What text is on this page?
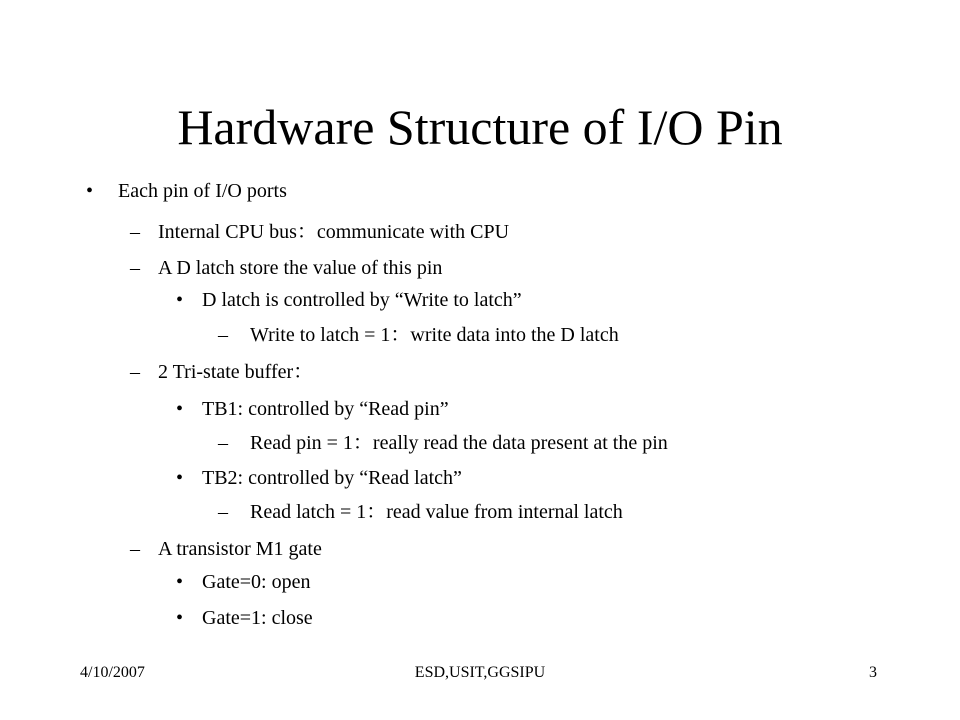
Hardware Structure of I/O Pin
•	Each pin of I/O ports
– Internal CPU bus：communicate with CPU
– A D latch store the value of this pin
• D latch is controlled by “Write to latch”
–	Write to latch = 1：write data into the D latch
– 2 Tri-state buffer：
• TB1: controlled by “Read pin”
–	Read pin = 1：really read the data present at the pin
• TB2: controlled by “Read latch”
–	Read latch = 1：read value from internal latch
– A transistor M1 gate
• Gate=0: open
• Gate=1: close
4/10/2007	ESD,USIT,GGSIPU	3
